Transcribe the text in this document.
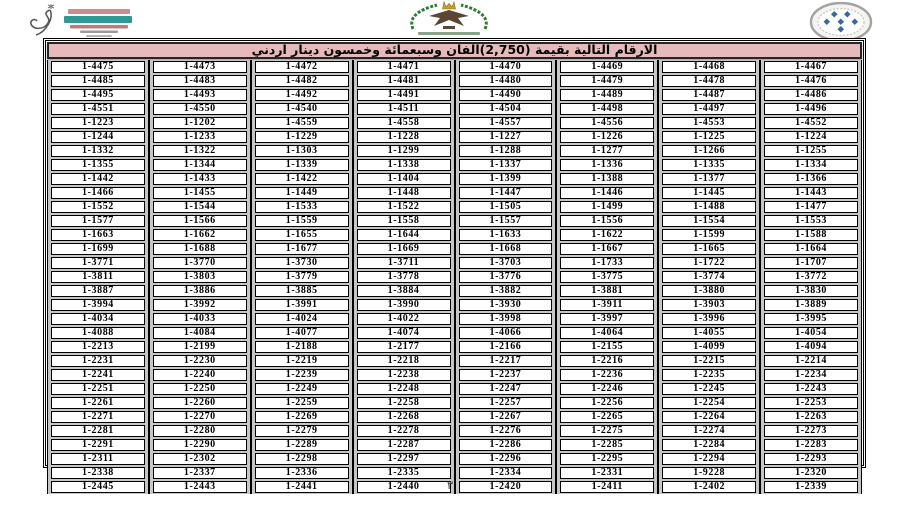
الارقام التالية بقيمة (2,750)الفان وسبعمائة وخمسون دينار اردني
1-4475	1-4473	1-4472	1-4471	1-4470	1-4469	1-4468	1-4467
1-4485	1-4483	1-4482	1-4481	1-4480	1-4479	1-4478	1-4476
1-4495	1-4493	1-4492	1-4491	1-4490	1-4489	1-4487	1-4486
1-4551	1-4550	1-4540	1-4511	1-4504	1-4498	1-4497	1-4496
1-1223	1-1202	1-4559	1-4558	1-4557	1-4556	1-4553	1-4552
1-1244	1-1233	1-1229	1-1228	1-1227	1-1226	1-1225	1-1224
1-1332	1-1322	1-1303	1-1299	1-1288	1-1277	1-1266	1-1255
1-1355	1-1344	1-1339	1-1338	1-1337	1-1336	1-1335	1-1334
1-1442	1-1433	1-1422	1-1404	1-1399	1-1388	1-1377	1-1366
1-1466	1-1455	1-1449	1-1448	1-1447	1-1446	1-1445	1-1443
1-1552	1-1544	1-1533	1-1522	1-1505	1-1499	1-1488	1-1477
1-1577	1-1566	1-1559	1-1558	1-1557	1-1556	1-1554	1-1553
1-1663	1-1662	1-1655	1-1644	1-1633	1-1622	1-1599	1-1588
1-1699	1-1688	1-1677	1-1669	1-1668	1-1667	1-1665	1-1664
1-3771	1-3770	1-3730	1-3711	1-3703	1-1733	1-1722	1-1707
1-3811	1-3803	1-3779	1-3778	1-3776	1-3775	1-3774	1-3772
1-3887	1-3886	1-3885	1-3884	1-3882	1-3881	1-3880	1-3830
1-3994	1-3992	1-3991	1-3990	1-3930	1-3911	1-3903	1-3889
1-4034	1-4033	1-4024	1-4022	1-3998	1-3997	1-3996	1-3995
1-4088	1-4084	1-4077	1-4074	1-4066	1-4064	1-4055	1-4054
1-2213	1-2199	1-2188	1-2177	1-2166	1-2155	1-4099	1-4094
1-2231	1-2230	1-2219	1-2218	1-2217	1-2216	1-2215	1-2214
1-2241	1-2240	1-2239	1-2238	1-2237	1-2236	1-2235	1-2234
1-2251	1-2250	1-2249	1-2248	1-2247	1-2246	1-2245	1-2243
1-2261	1-2260	1-2259	1-2258	1-2257	1-2256	1-2254	1-2253
1-2271	1-2270	1-2269	1-2268	1-2267	1-2265	1-2264	1-2263
1-2281	1-2280	1-2279	1-2278	1-2276	1-2275	1-2274	1-2273
1-2291	1-2290	1-2289	1-2287	1-2286	1-2285	1-2284	1-2283
1-2311	1-2302	1-2298	1-2297	1-2296	1-2295	1-2294	1-2293
1-2338	1-2337	1-2336	1-2335	1-2334	1-2331	1-9228	1-2320
1-2445	1-2443	1-2441	1-2440	1-2420	1-2411	1-2402	1-2339
٣
